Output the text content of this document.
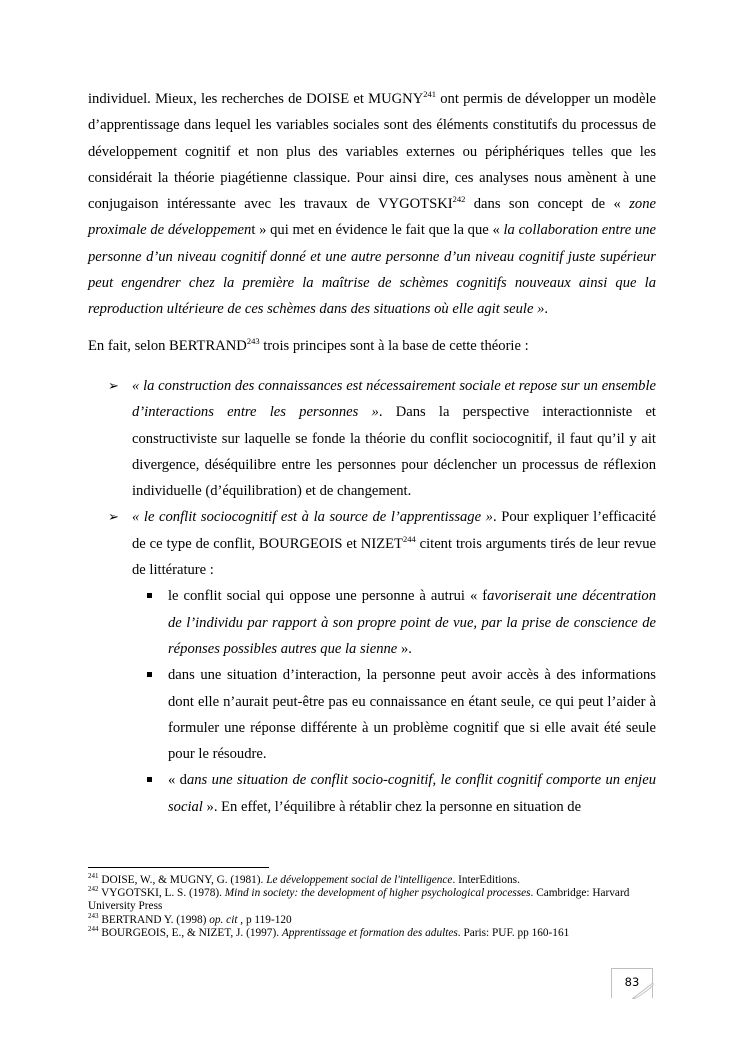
individuel. Mieux, les recherches de DOISE et MUGNY$^{241}$ ont permis de développer un modèle d’apprentissage dans lequel les variables sociales sont des éléments constitutifs du processus de développement cognitif et non plus des variables externes ou périphériques telles que les considérait la théorie piagétienne classique. Pour ainsi dire, ces analyses nous amènent à une conjugaison intéressante avec les travaux de VYGOTSKI$^{242}$ dans son concept de « zone proximale de développement » qui met en évidence le fait que la que « la collaboration entre une personne d’un niveau cognitif donné et une autre personne d’un niveau cognitif juste supérieur peut engendrer chez la première la maîtrise de schèmes cognitifs nouveaux ainsi que la reproduction ultérieure de ces schèmes dans des situations où elle agit seule ».

En fait, selon BERTRAND$^{243}$ trois principes sont à la base de cette théorie :

➢ « la construction des connaissances est nécessairement sociale et repose sur un ensemble d’interactions entre les personnes ». Dans la perspective interactionniste et constructiviste sur laquelle se fonde la théorie du conflit sociocognitif, il faut qu’il y ait divergence, déséquilibre entre les personnes pour déclencher un processus de réflexion individuelle (d’équilibration) et de changement.
➢ « le conflit sociocognitif est à la source de l’apprentissage ». Pour expliquer l’efficacité de ce type de conflit, BOURGEOIS et NIZET$^{244}$ citent trois arguments tirés de leur revue de littérature :
le conflit social qui oppose une personne à autrui « favoriserait une décentration de l’individu par rapport à son propre point de vue, par la prise de conscience de réponses possibles autres que la sienne ».
dans une situation d’interaction, la personne peut avoir accès à des informations dont elle n’aurait peut-être pas eu connaissance en étant seule, ce qui peut l’aider à formuler une réponse différente à un problème cognitif que si elle avait été seule pour le résoudre.
« dans une situation de conflit socio-cognitif, le conflit cognitif comporte un enjeu social ». En effet, l’équilibre à rétablir chez la personne en situation de
$^{241}$ DOISE, W., & MUGNY, G. (1981). Le développement social de l'intelligence. InterEditions.
$^{242}$ VYGOTSKI, L. S. (1978). Mind in society: the development of higher psychological processes. Cambridge: Harvard University Press
$^{243}$ BERTRAND Y. (1998) op. cit , p 119-120
$^{244}$ BOURGEOIS, E., & NIZET, J. (1997). Apprentissage et formation des adultes. Paris: PUF. pp 160-161
83
